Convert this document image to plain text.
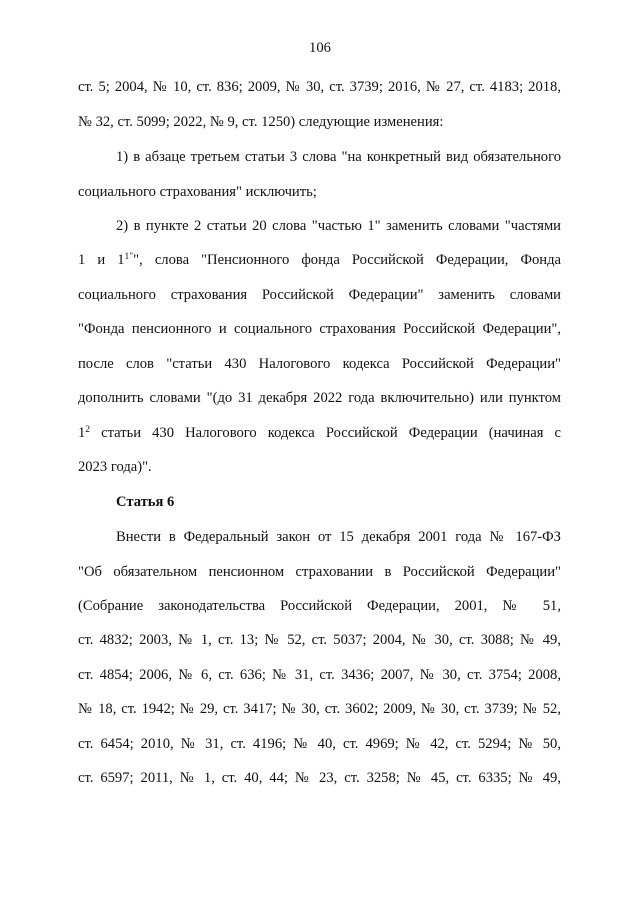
106
ст. 5; 2004, № 10, ст. 836; 2009, № 30, ст. 3739; 2016, № 27, ст. 4183; 2018,
№ 32, ст. 5099; 2022, № 9, ст. 1250) следующие изменения:
1) в абзаце третьем статьи 3 слова "на конкретный вид обязательного
социального страхования" исключить;
2) в пункте 2 статьи 20 слова "частью 1" заменить словами "частями
1 и $1^{1"}$", слова "Пенсионного фонда Российской Федерации, Фонда
социального страхования Российской Федерации" заменить словами
"Фонда пенсионного и социального страхования Российской Федерации",
после слов "статьи 430 Налогового кодекса Российской Федерации"
дополнить словами "(до 31 декабря 2022 года включительно) или пунктом
$1^2$ статьи 430 Налогового кодекса Российской Федерации (начиная с
2023 года)".
Статья 6
Внести в Федеральный закон от 15 декабря 2001 года № 167-ФЗ
"Об обязательном пенсионном страховании в Российской Федерации"
(Собрание законодательства Российской Федерации, 2001, № 51,
ст. 4832; 2003, № 1, ст. 13; № 52, ст. 5037; 2004, № 30, ст. 3088; № 49,
ст. 4854; 2006, № 6, ст. 636; № 31, ст. 3436; 2007, № 30, ст. 3754; 2008,
№ 18, ст. 1942; № 29, ст. 3417; № 30, ст. 3602; 2009, № 30, ст. 3739; № 52,
ст. 6454; 2010, № 31, ст. 4196; № 40, ст. 4969; № 42, ст. 5294; № 50,
ст. 6597; 2011, № 1, ст. 40, 44; № 23, ст. 3258; № 45, ст. 6335; № 49,
